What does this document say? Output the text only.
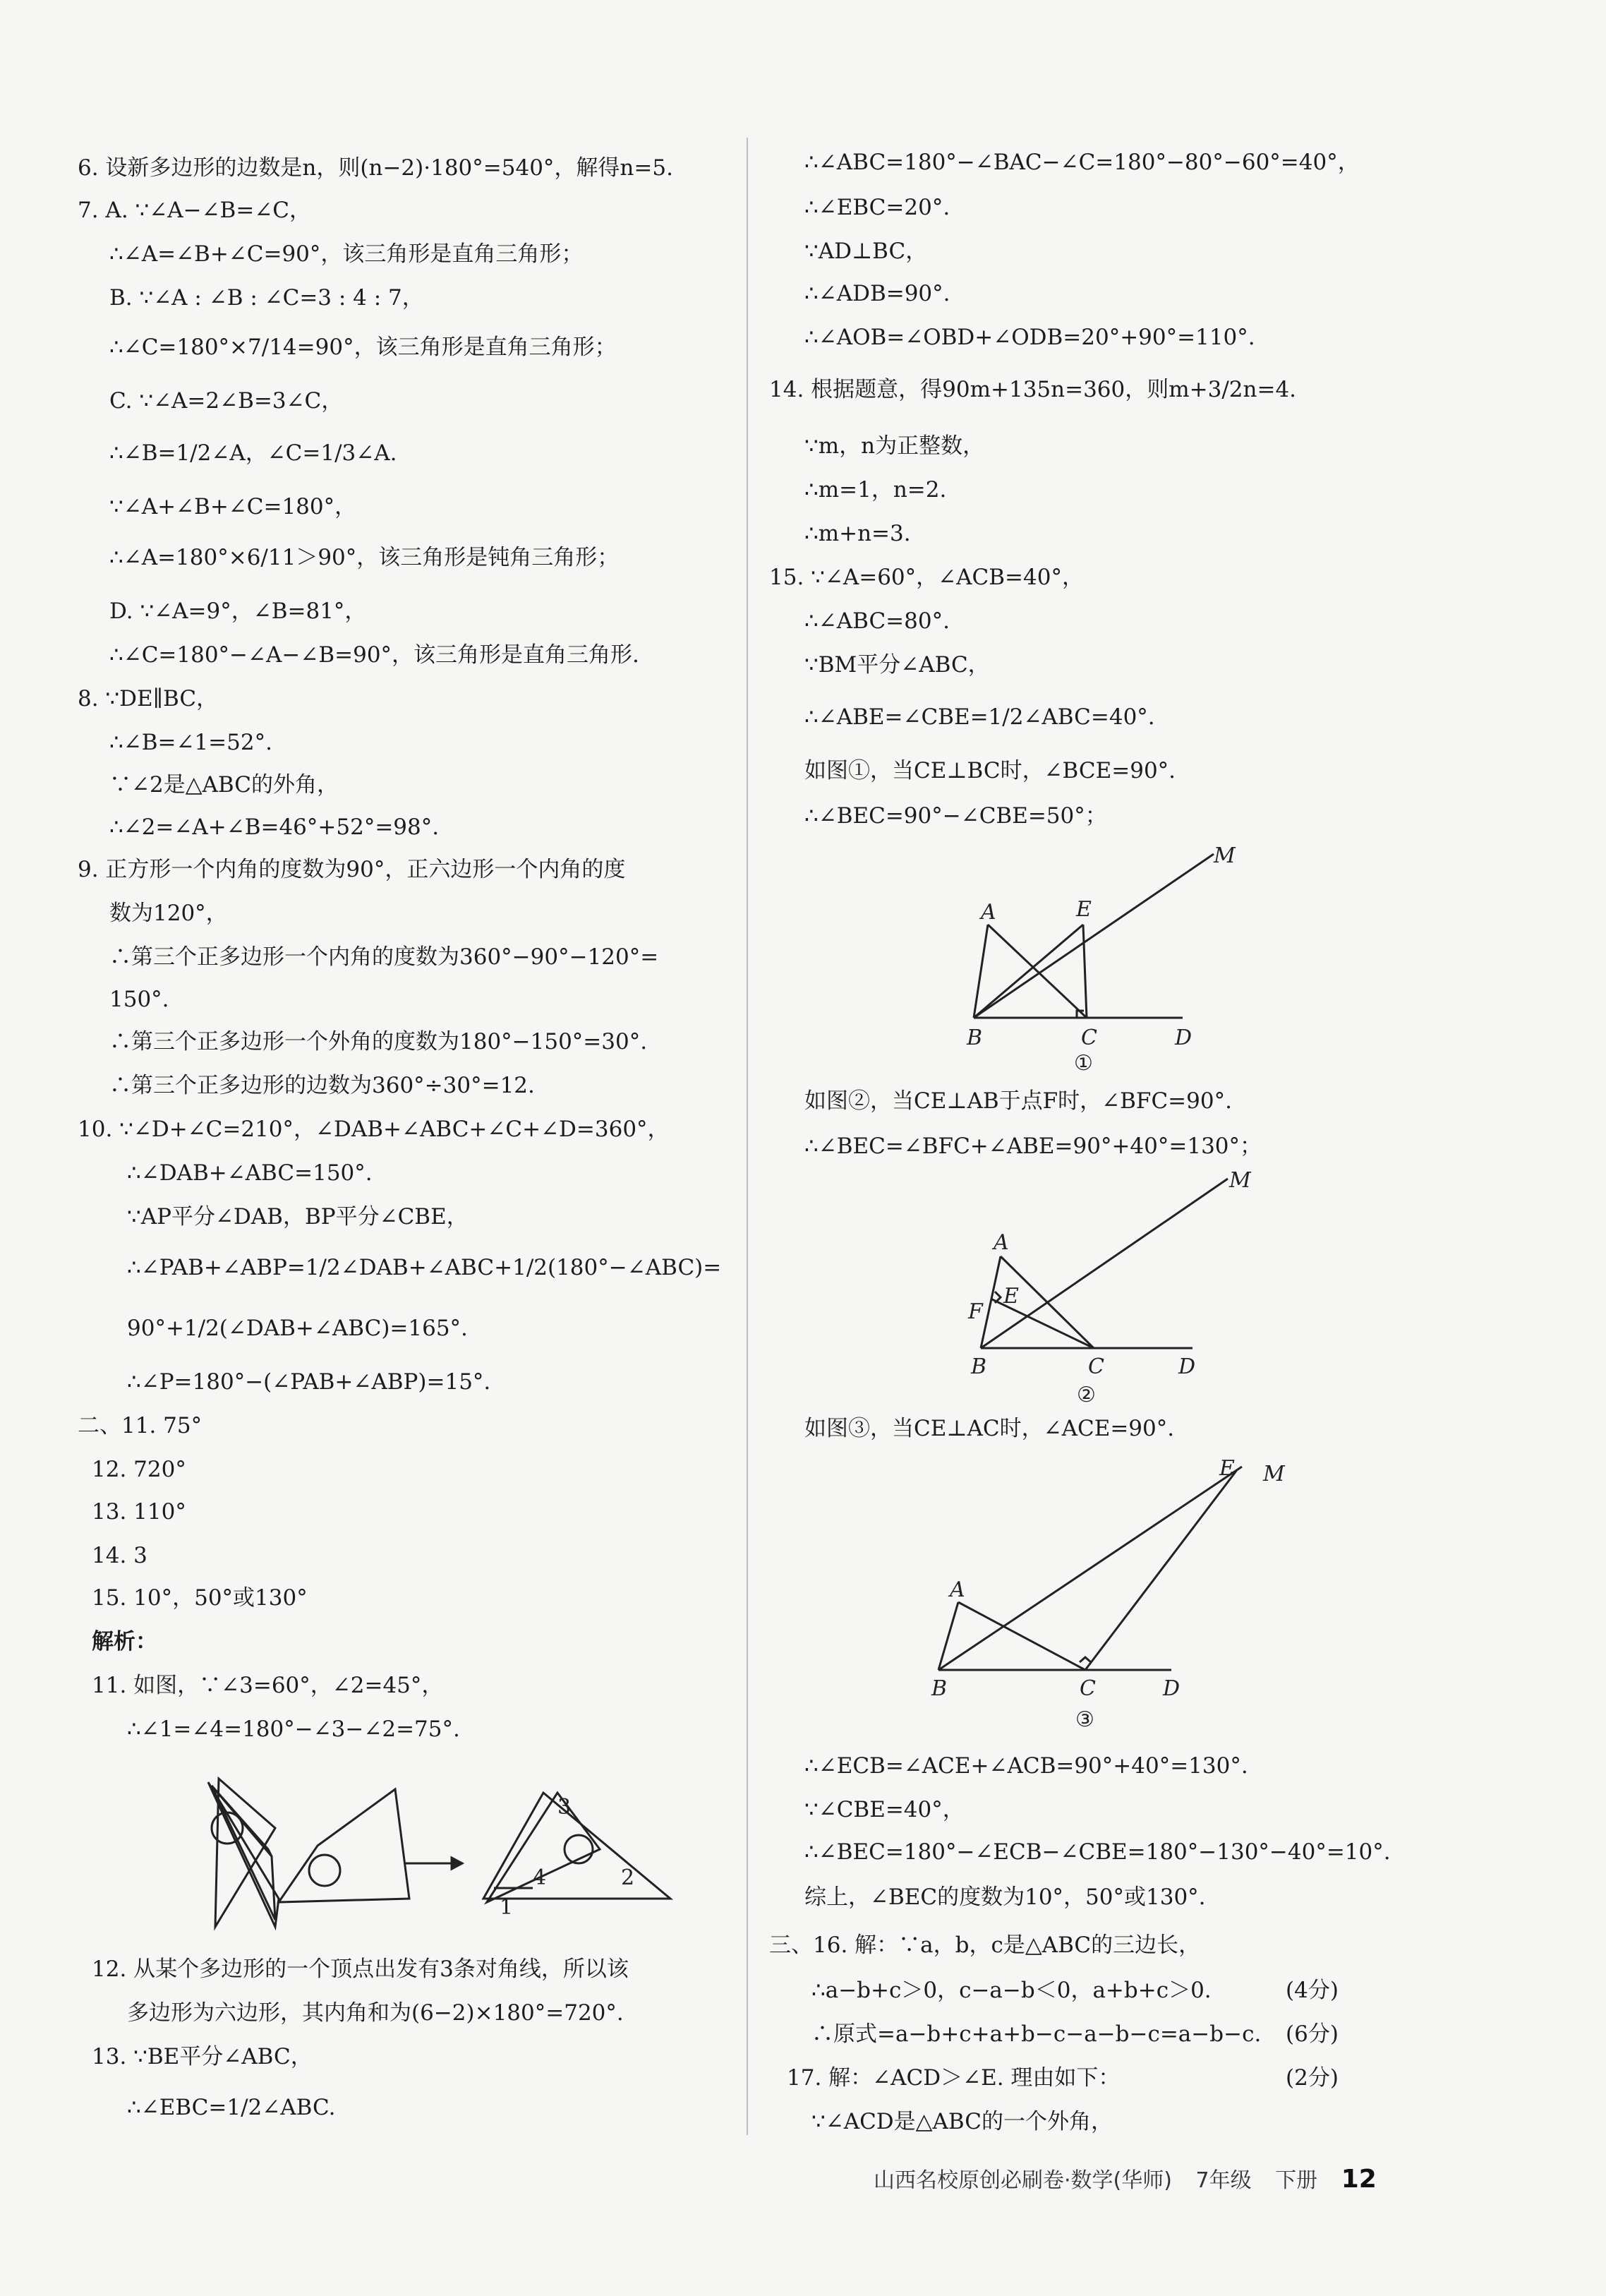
6. 设新多边形的边数是n，则(n−2)·180°=540°，解得n=5.
7. A. ∵∠A−∠B=∠C，
∴∠A=∠B+∠C=90°，该三角形是直角三角形；
B. ∵∠A : ∠B : ∠C=3 : 4 : 7，
∴∠C=180°×7/14=90°，该三角形是直角三角形；
C. ∵∠A=2∠B=3∠C，
∴∠B=1/2∠A，∠C=1/3∠A.
∵∠A+∠B+∠C=180°，
∴∠A=180°×6/11＞90°，该三角形是钝角三角形；
D. ∵∠A=9°，∠B=81°，
∴∠C=180°−∠A−∠B=90°，该三角形是直角三角形.
8. ∵DE∥BC，
∴∠B=∠1=52°.
∵∠2是△ABC的外角，
∴∠2=∠A+∠B=46°+52°=98°.
9. 正方形一个内角的度数为90°，正六边形一个内角的度
数为120°，
∴第三个正多边形一个内角的度数为360°−90°−120°=
150°.
∴第三个正多边形一个外角的度数为180°−150°=30°.
∴第三个正多边形的边数为360°÷30°=12.
10. ∵∠D+∠C=210°，∠DAB+∠ABC+∠C+∠D=360°，
∴∠DAB+∠ABC=150°.
∵AP平分∠DAB，BP平分∠CBE，
∴∠PAB+∠ABP=1/2∠DAB+∠ABC+1/2(180°−∠ABC)=
90°+1/2(∠DAB+∠ABC)=165°.
∴∠P=180°−(∠PAB+∠ABP)=15°.
二、11. 75°
12. 720°
13. 110°
14. 3
15. 10°，50°或130°
解析：
11. 如图，∵∠3=60°，∠2=45°，
∴∠1=∠4=180°−∠3−∠2=75°.
3
4	2
1
12. 从某个多边形的一个顶点出发有3条对角线，所以该
多边形为六边形，其内角和为(6−2)×180°=720°.
13. ∵BE平分∠ABC，
∴∠EBC=1/2∠ABC.
∴∠ABC=180°−∠BAC−∠C=180°−80°−60°=40°，
∴∠EBC=20°.
∵AD⊥BC，
∴∠ADB=90°.
∴∠AOB=∠OBD+∠ODB=20°+90°=110°.
14. 根据题意，得90m+135n=360，则m+3/2n=4.
∵m，n为正整数，
∴m=1，n=2.
∴m+n=3.
15. ∵∠A=60°，∠ACB=40°，
∴∠ABC=80°.
∵BM平分∠ABC，
∴∠ABE=∠CBE=1/2∠ABC=40°.
如图①，当CE⊥BC时，∠BCE=90°.
∴∠BEC=90°−∠CBE=50°；
M
A	E
B	C	D
①
如图②，当CE⊥AB于点F时，∠BFC=90°.
∴∠BEC=∠BFC+∠ABE=90°+40°=130°；
M
A
E
F
B	C	D
②
如图③，当CE⊥AC时，∠ACE=90°.
E M
A
B	C	D
③
∴∠ECB=∠ACE+∠ACB=90°+40°=130°.
∵∠CBE=40°，
∴∠BEC=180°−∠ECB−∠CBE=180°−130°−40°=10°.
综上，∠BEC的度数为10°，50°或130°.
三、16. 解：∵a，b，c是△ABC的三边长，
∴a−b+c＞0，c−a−b＜0，a+b+c＞0.
∴原式=a−b+c+a+b−c−a−b−c=a−b−c.
17. 解：∠ACD＞∠E. 理由如下：
∵∠ACD是△ABC的一个外角，
(4分)
(6分)
(2分)
山西名校原创必刷卷·数学(华师) 7年级 下册 12
